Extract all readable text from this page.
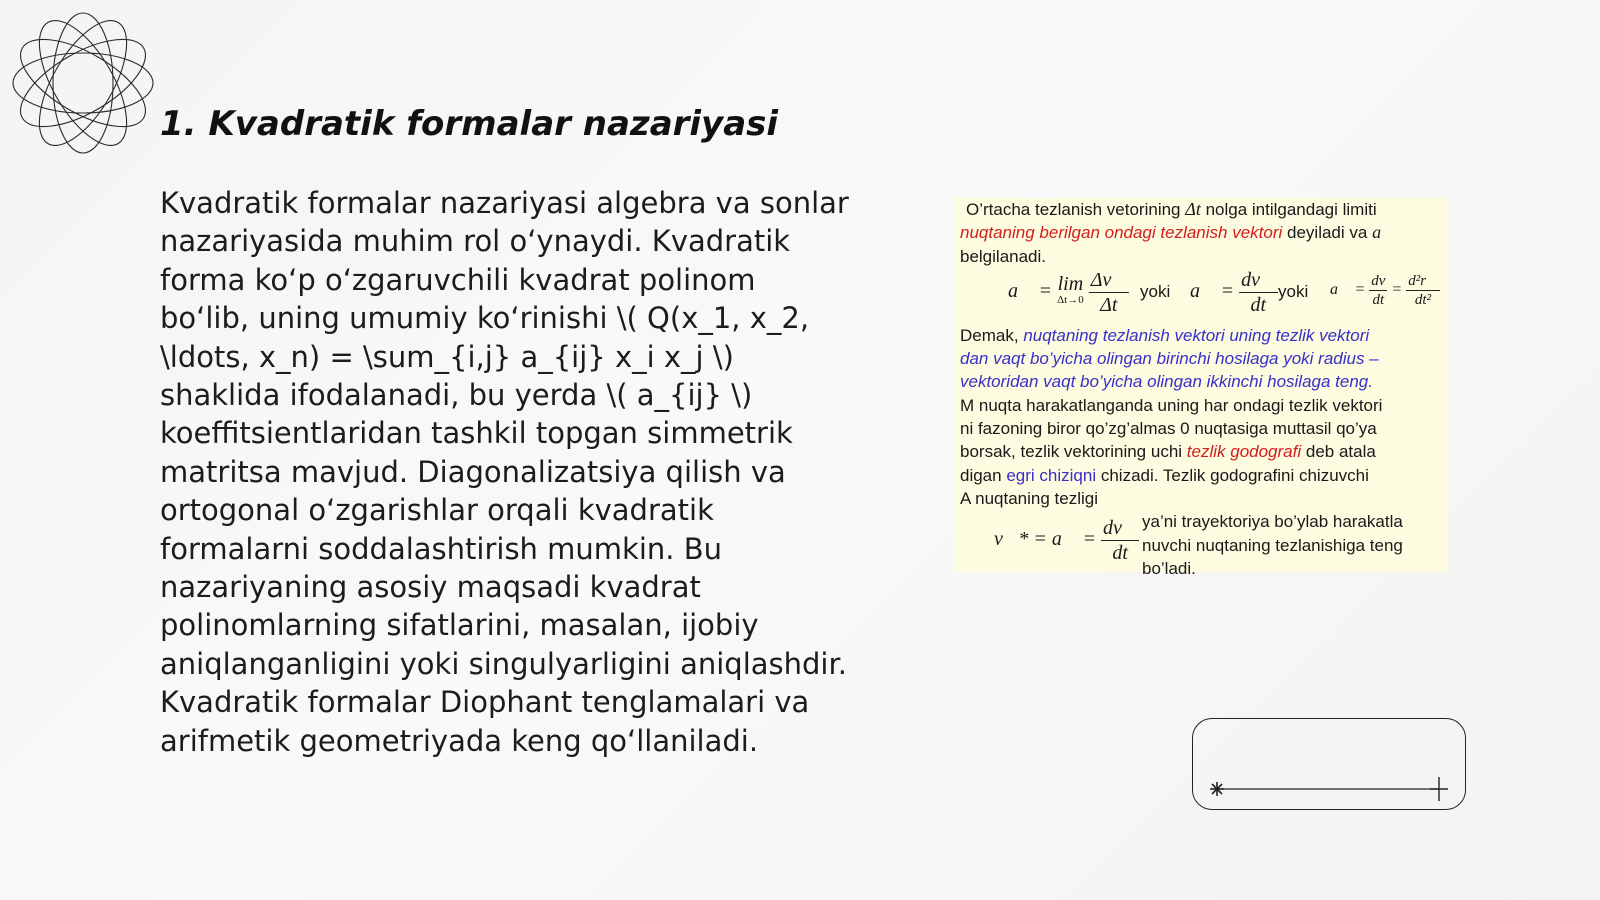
1. Kvadratik formalar nazariyasi

Kvadratik formalar nazariyasi algebra va sonlar nazariyasida muhim rol o‘ynaydi. Kvadratik forma ko‘p o‘zgaruvchili kvadrat polinom bo‘lib, uning umumiy ko‘rinishi \( Q(x_1, x_2, \ldots, x_n) = \sum_{i,j} a_{ij} x_i x_j \) shaklida ifodalanadi, bu yerda \( a_{ij} \) koeffitsientlaridan tashkil topgan simmetrik matritsa mavjud. Diagonalizatsiya qilish va ortogonal o‘zgarishlar orqali kvadratik formalarni soddalashtirish mumkin. Bu nazariyaning asosiy maqsadi kvadrat polinomlarning sifatlarini, masalan, ijobiy aniqlanganligini yoki singulyarligini aniqlashdir. Kvadratik formalar Diophant tenglamalari va arifmetik geometriyada keng qo‘llaniladi.

O’rtacha tezlanish vetorining Δt nolga intilgandagi limiti
nuqtaning berilgan ondagi tezlanish vektori deyiladi va a⃗
belgilanadi.
a⃗ = lim
Δt→0
$\frac{\Delta v⃗}{\Delta t}$ yoki a⃗ = $\frac{dv⃗}{dt}$ yoki a⃗ = $\frac{dv}{dt} = \frac{\text{d²r⃗}}{\text{dt²}}$
Demak, nuqtaning tezlanish vektori uning tezlik vektori
dan vaqt bo’yicha olingan birinchi hosilaga yoki radius –
vektoridan vaqt bo’yicha olingan ikkinchi hosilaga teng.
M nuqta harakatlanganda uning har ondagi tezlik vektori
ni fazoning biror qo’zg’almas 0 nuqtasiga muttasil qo’ya
borsak, tezlik vektorining uchi tezlik godografi deb atala
digan egri chiziqni chizadi. Tezlik godografini chizuvchi
A nuqtaning tezligi
v⃗* = a⃗ = $\frac{dv⃗}{dt}$ ya’ni trayektoriya bo’ylab harakatla
nuvchi nuqtaning tezlanishiga teng
bo’ladi.
